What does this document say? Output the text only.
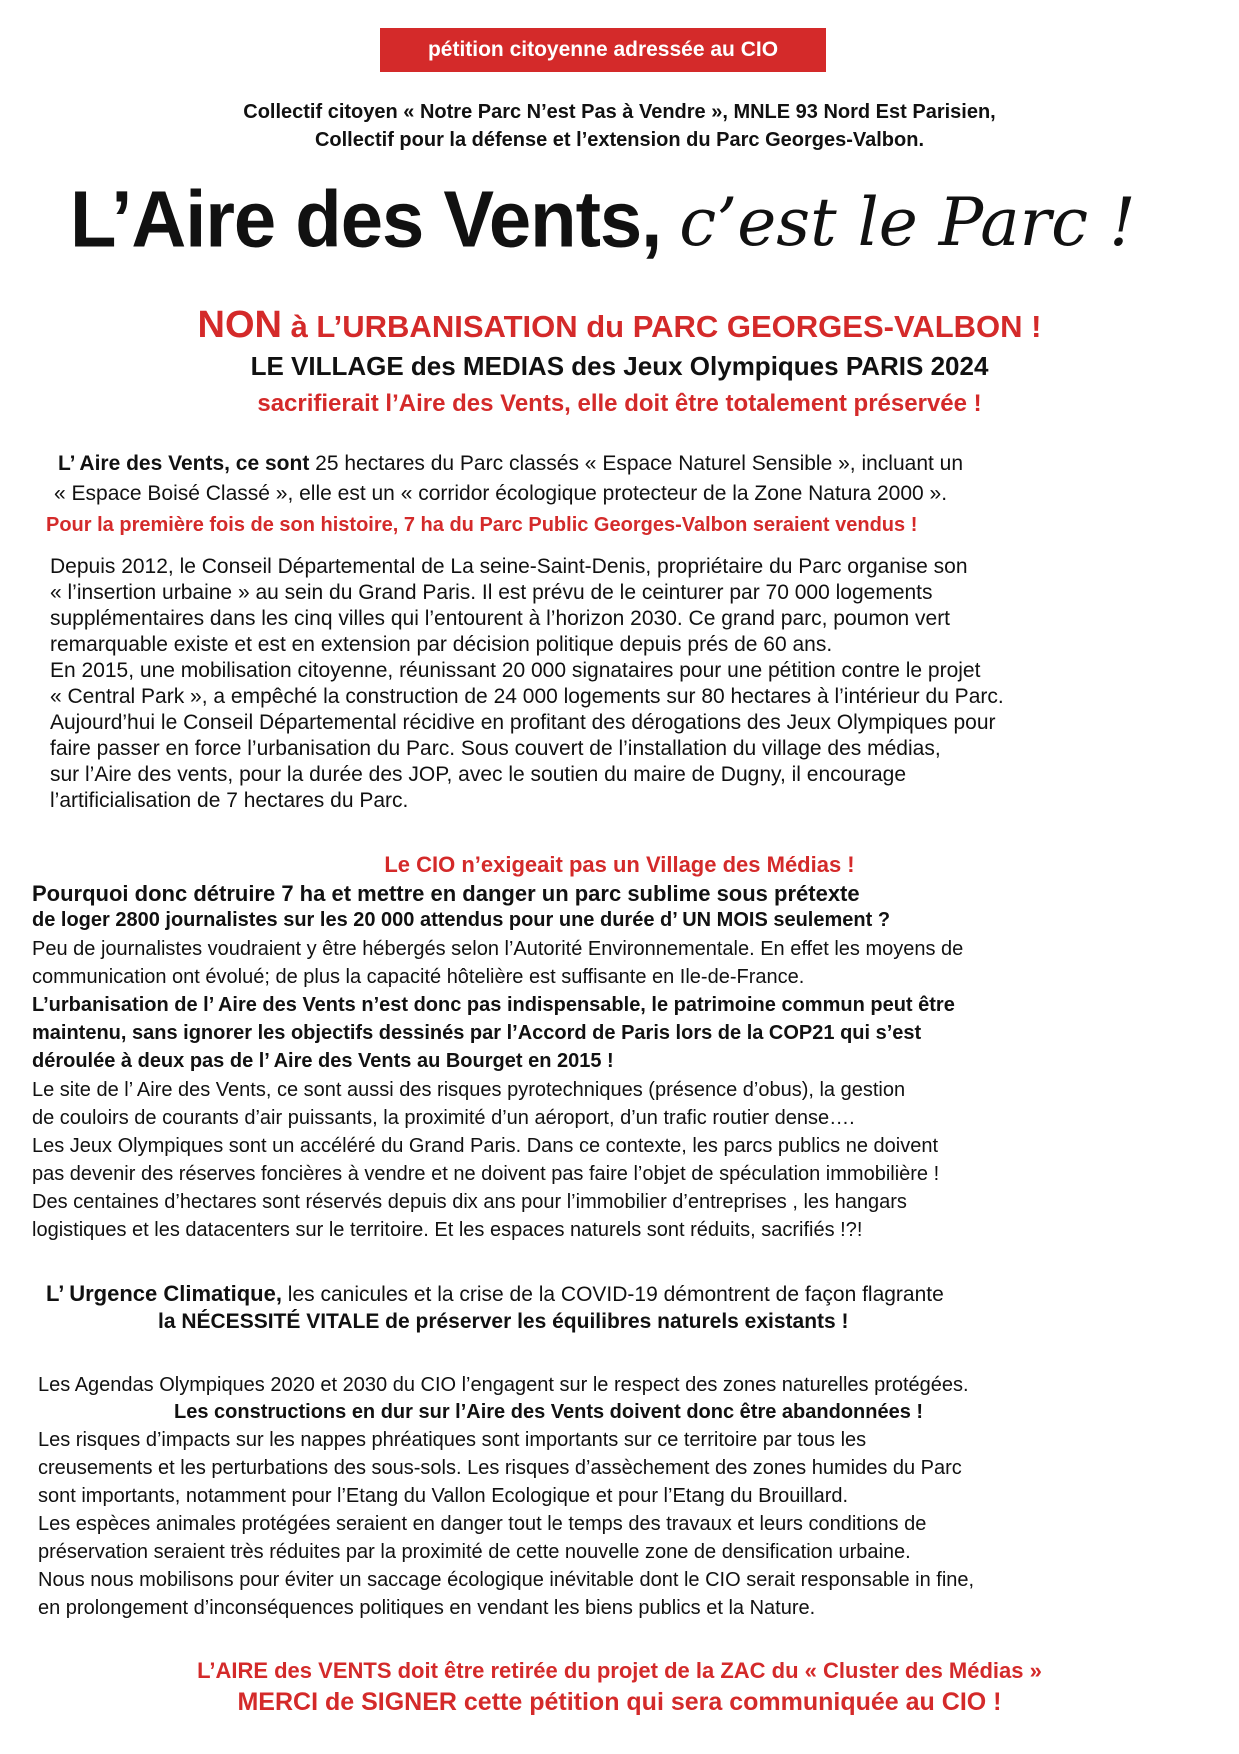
pétition citoyenne adressée au CIO
Collectif citoyen « Notre Parc N’est Pas à Vendre », MNLE 93 Nord Est Parisien,
Collectif pour la défense et l’extension du Parc Georges-Valbon.
L’Aire des Vents, c’est le Parc !
NON à L’URBANISATION du PARC GEORGES-VALBON !
LE VILLAGE des MEDIAS des Jeux Olympiques PARIS 2024
sacrifierait l’Aire des Vents, elle doit être totalement préservée !
L’ Aire des Vents, ce sont 25 hectares du Parc classés « Espace Naturel Sensible », incluant un
« Espace Boisé Classé », elle est un « corridor écologique protecteur de la Zone Natura 2000 ».
Pour la première fois de son histoire, 7 ha du Parc Public Georges-Valbon seraient vendus !
Depuis 2012, le Conseil Départemental de La seine-Saint-Denis, propriétaire du Parc organise son
« l’insertion urbaine » au sein du Grand Paris. Il est prévu de le ceinturer par 70 000 logements
supplémentaires dans les cinq villes qui l’entourent à l’horizon 2030. Ce grand parc, poumon vert
remarquable existe et est en extension par décision politique depuis prés de 60 ans.
En 2015, une mobilisation citoyenne, réunissant 20 000 signataires pour une pétition contre le projet
« Central Park », a empêché la construction de 24 000 logements sur 80 hectares à l’intérieur du Parc.
Aujourd’hui le Conseil Départemental récidive en profitant des dérogations des Jeux Olympiques pour
faire passer en force l’urbanisation du Parc. Sous couvert de l’installation du village des médias,
sur l’Aire des vents, pour la durée des JOP, avec le soutien du maire de Dugny, il encourage
l’artificialisation de 7 hectares du Parc.
Le CIO n’exigeait pas un Village des Médias !
Pourquoi donc détruire 7 ha et mettre en danger un parc sublime sous prétexte
de loger 2800 journalistes sur les 20 000 attendus pour une durée d’ UN MOIS seulement ?
Peu de journalistes voudraient y être hébergés selon l’Autorité Environnementale. En effet les moyens de
communication ont évolué; de plus la capacité hôtelière est suffisante en Ile-de-France.
L’urbanisation de l’ Aire des Vents n’est donc pas indispensable, le patrimoine commun peut être
maintenu, sans ignorer les objectifs dessinés par l’Accord de Paris lors de la COP21 qui s’est
déroulée à deux pas de l’ Aire des Vents au Bourget en 2015 !
Le site de l’ Aire des Vents, ce sont aussi des risques pyrotechniques (présence d’obus), la gestion
de couloirs de courants d’air puissants, la proximité d’un aéroport, d’un trafic routier dense….
Les Jeux Olympiques sont un accéléré du Grand Paris. Dans ce contexte, les parcs publics ne doivent
pas devenir des réserves foncières à vendre et ne doivent pas faire l’objet de spéculation immobilière !
Des centaines d’hectares sont réservés depuis dix ans pour l’immobilier d’entreprises , les hangars
logistiques et les datacenters sur le territoire. Et les espaces naturels sont réduits, sacrifiés !?!
L’ Urgence Climatique, les canicules et la crise de la COVID-19 démontrent de façon flagrante
la NÉCESSITÉ VITALE de préserver les équilibres naturels existants !
Les Agendas Olympiques 2020 et 2030 du CIO l’engagent sur le respect des zones naturelles protégées.
Les constructions en dur sur l’Aire des Vents doivent donc être abandonnées !
Les risques d’impacts sur les nappes phréatiques sont importants sur ce territoire par tous les
creusements et les perturbations des sous-sols. Les risques d’assèchement des zones humides du Parc
sont importants, notamment pour l’Etang du Vallon Ecologique et pour l’Etang du Brouillard.
Les espèces animales protégées seraient en danger tout le temps des travaux et leurs conditions de
préservation seraient très réduites par la proximité de cette nouvelle zone de densification urbaine.
Nous nous mobilisons pour éviter un saccage écologique inévitable dont le CIO serait responsable in fine,
en prolongement d’inconséquences politiques en vendant les biens publics et la Nature.
L’AIRE des VENTS doit être retirée du projet de la ZAC du « Cluster des Médias »
MERCI de SIGNER cette pétition qui sera communiquée au CIO !
